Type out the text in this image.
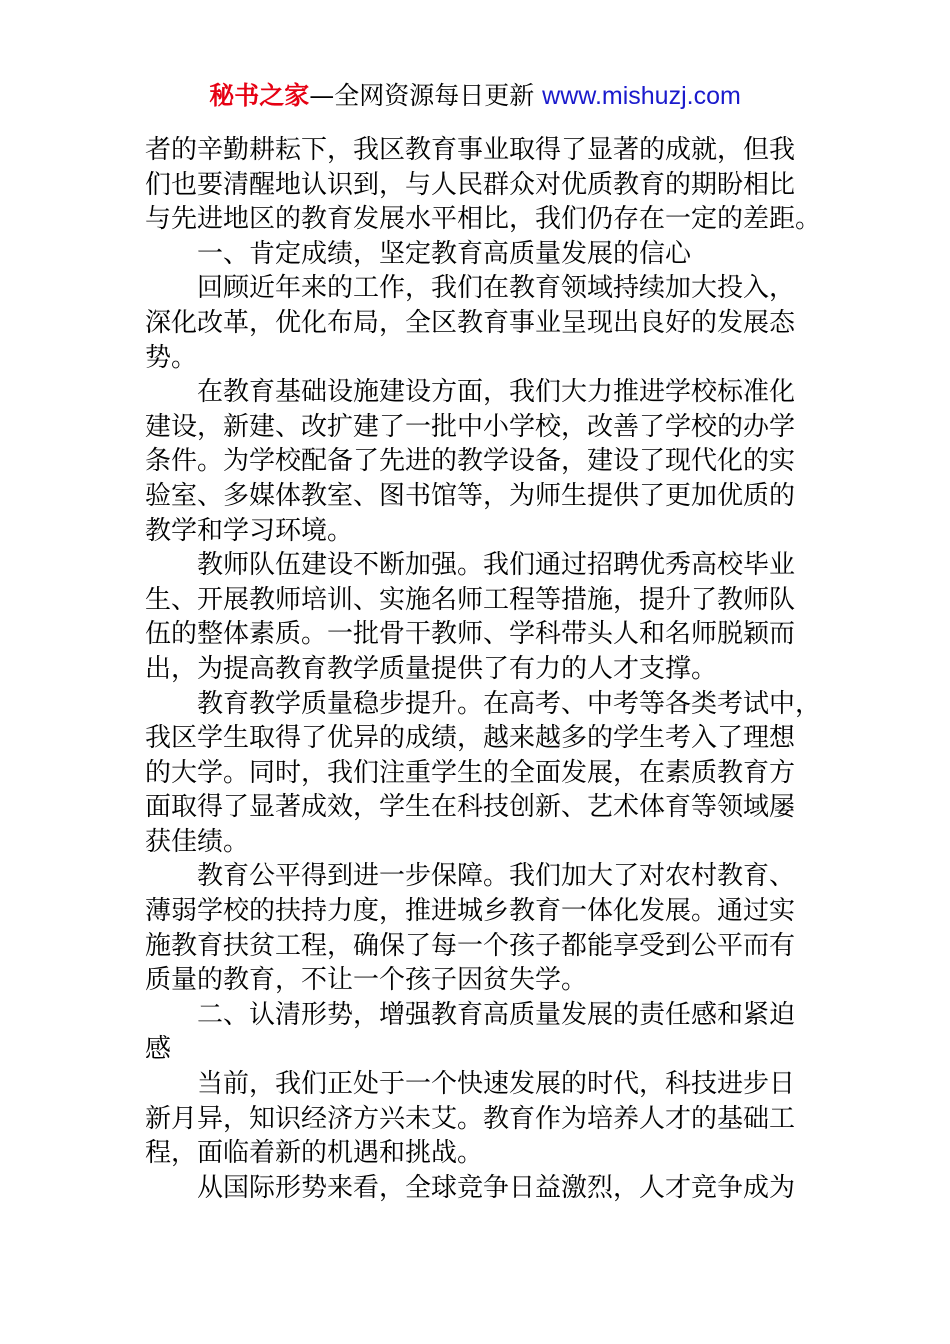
秘书之家—全网资源每日更新 www.mishuzj.com
者的辛勤耕耘下，我区教育事业取得了显著的成就，但我
们也要清醒地认识到，与人民群众对优质教育的期盼相比
与先进地区的教育发展水平相比，我们仍存在一定的差距。
一、肯定成绩，坚定教育高质量发展的信心
回顾近年来的工作，我们在教育领域持续加大投入，
深化改革，优化布局，全区教育事业呈现出良好的发展态
势。
在教育基础设施建设方面，我们大力推进学校标准化
建设，新建、改扩建了一批中小学校，改善了学校的办学
条件。为学校配备了先进的教学设备，建设了现代化的实
验室、多媒体教室、图书馆等，为师生提供了更加优质的
教学和学习环境。
教师队伍建设不断加强。我们通过招聘优秀高校毕业
生、开展教师培训、实施名师工程等措施，提升了教师队
伍的整体素质。一批骨干教师、学科带头人和名师脱颖而
出，为提高教育教学质量提供了有力的人才支撑。
教育教学质量稳步提升。在高考、中考等各类考试中，
我区学生取得了优异的成绩，越来越多的学生考入了理想
的大学。同时，我们注重学生的全面发展，在素质教育方
面取得了显著成效，学生在科技创新、艺术体育等领域屡
获佳绩。
教育公平得到进一步保障。我们加大了对农村教育、
薄弱学校的扶持力度，推进城乡教育一体化发展。通过实
施教育扶贫工程，确保了每一个孩子都能享受到公平而有
质量的教育，不让一个孩子因贫失学。
二、认清形势，增强教育高质量发展的责任感和紧迫
感
当前，我们正处于一个快速发展的时代，科技进步日
新月异，知识经济方兴未艾。教育作为培养人才的基础工
程，面临着新的机遇和挑战。
从国际形势来看，全球竞争日益激烈，人才竞争成为
